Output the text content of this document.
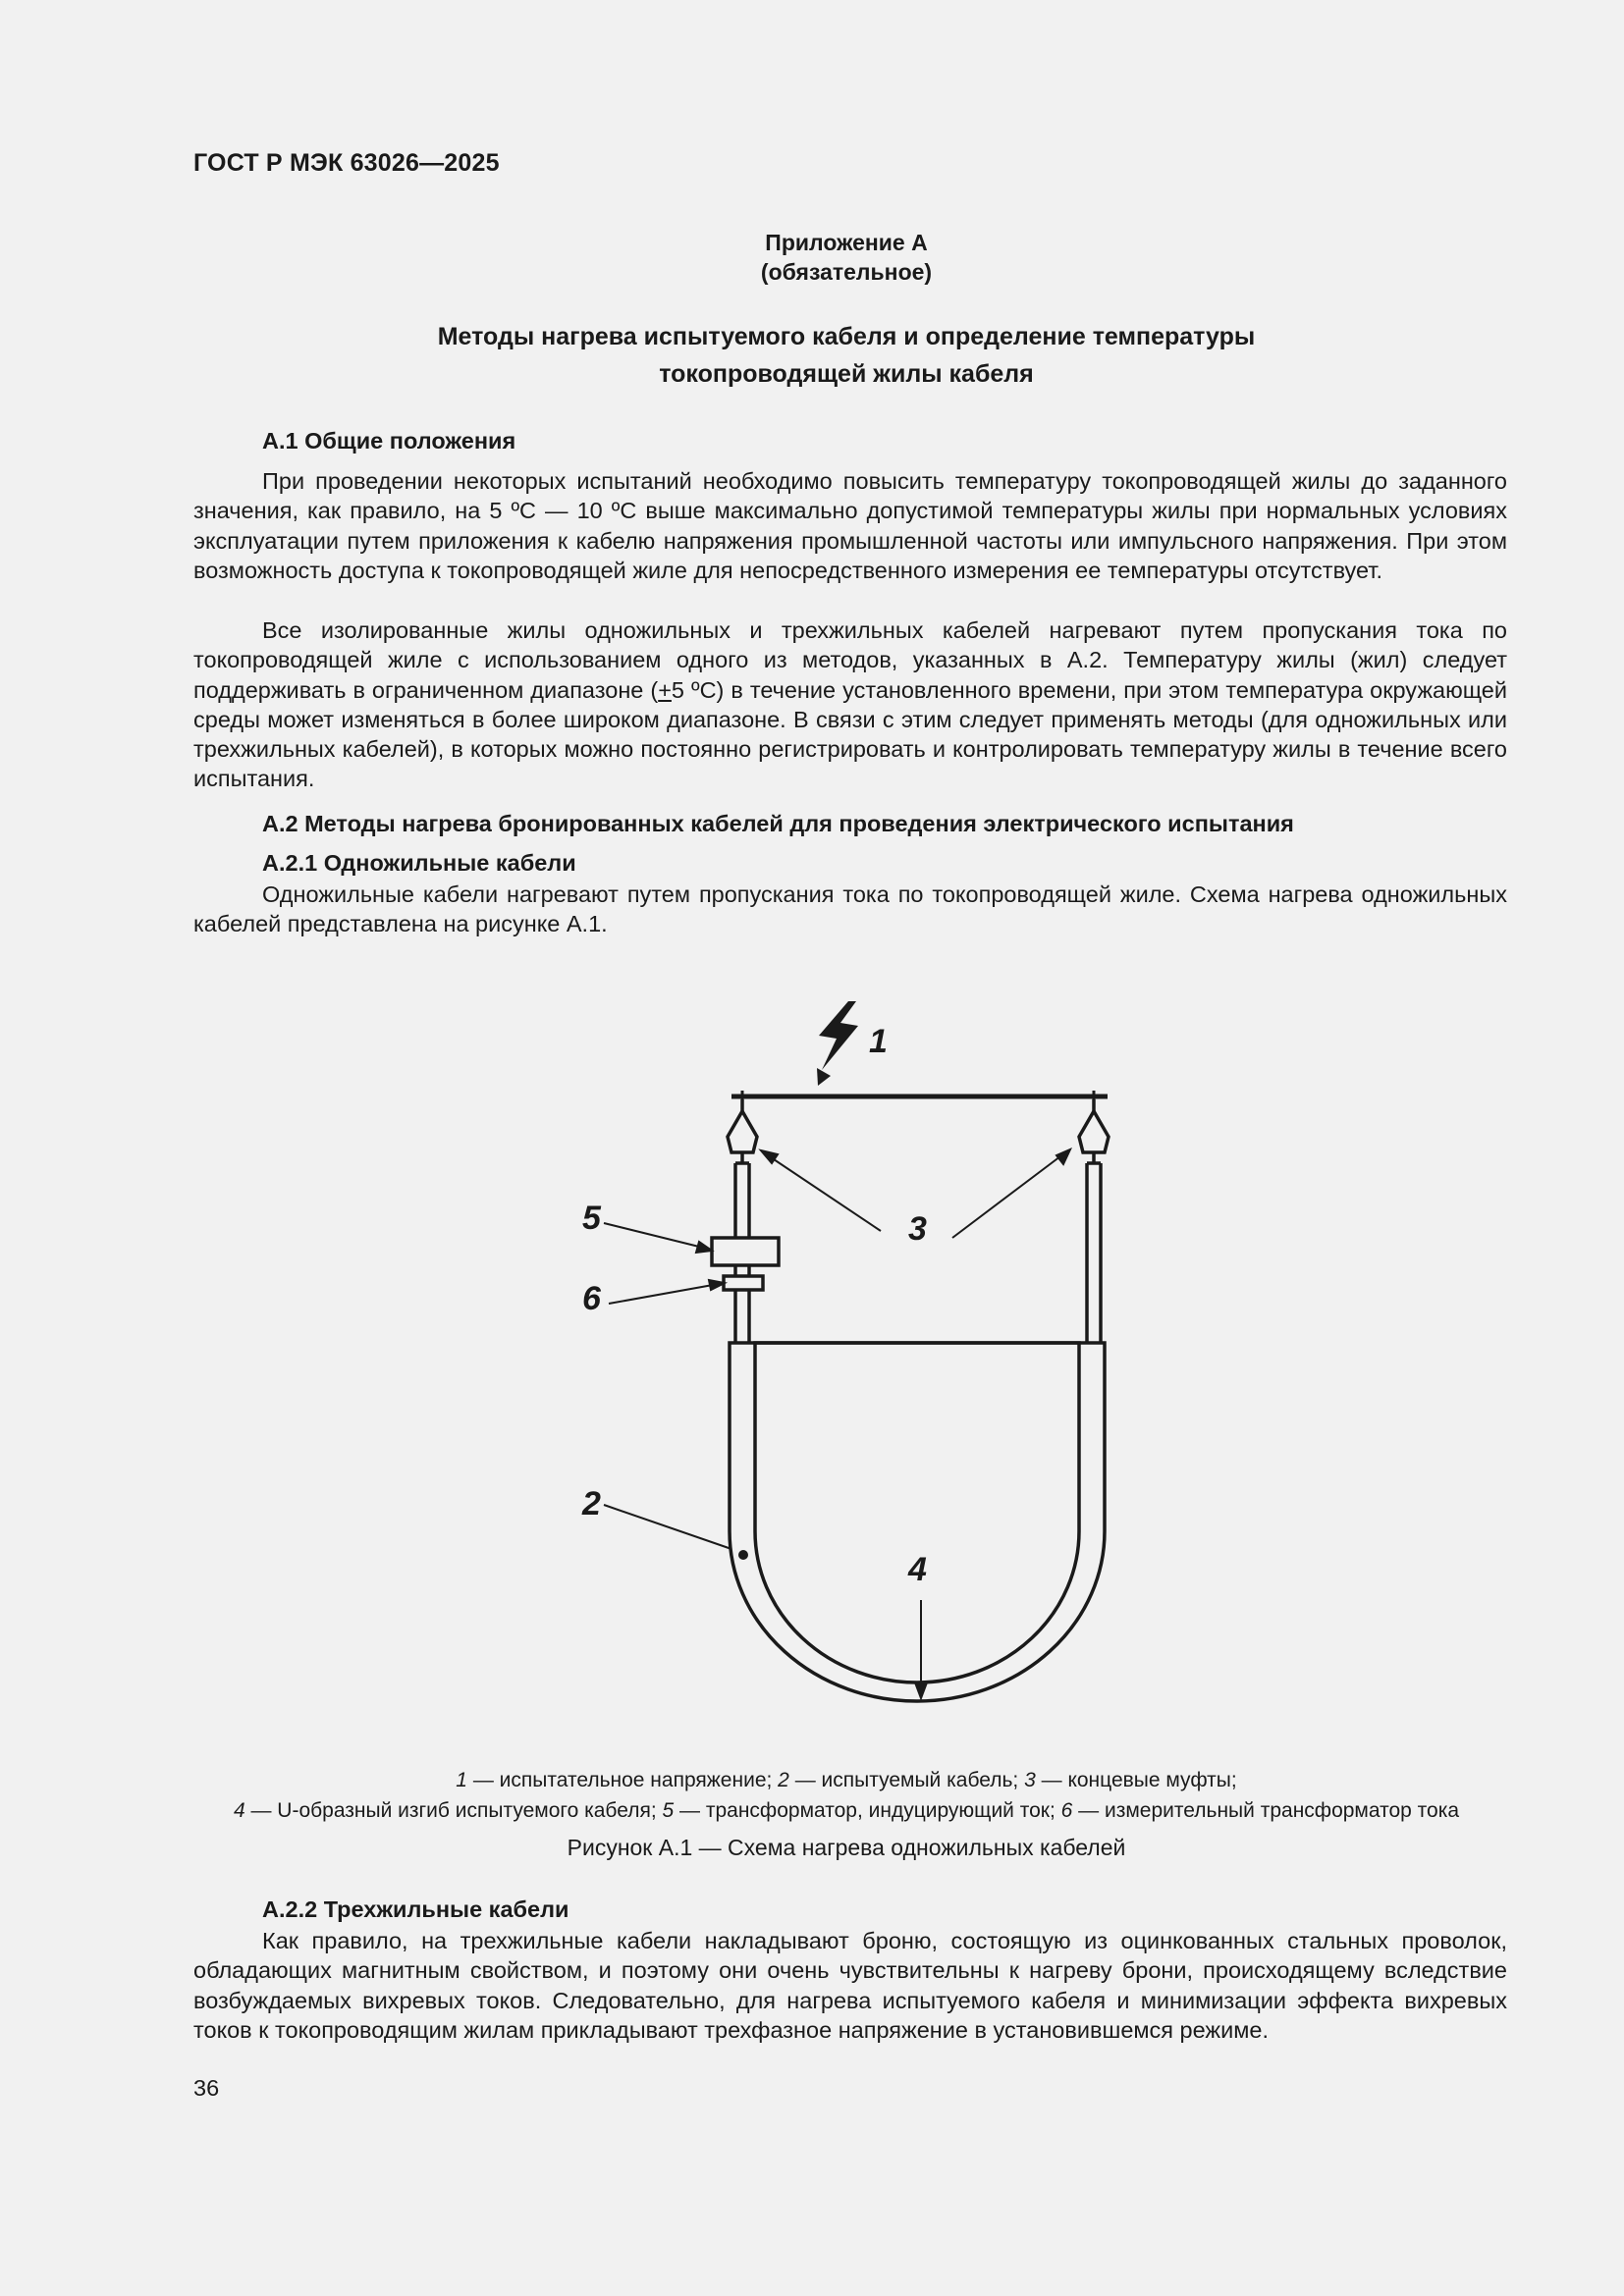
ГОСТ Р МЭК 63026—2025
Приложение А
(обязательное)
Методы нагрева испытуемого кабеля и определение температуры
токопроводящей жилы кабеля
А.1 Общие положения

При проведении некоторых испытаний необходимо повысить температуру токопроводящей жилы до заданного значения, как правило, на 5 ºС — 10 ºС выше максимально допустимой температуры жилы при нормальных условиях эксплуатации путем приложения к кабелю напряжения промышленной частоты или импульсного напряжения. При этом возможность доступа к токопроводящей жиле для непосредственного измерения ее температуры отсутствует.

Все изолированные жилы одножильных и трехжильных кабелей нагревают путем пропускания тока по токопроводящей жиле с использованием одного из методов, указанных в А.2. Температуру жилы (жил) следует поддерживать в ограниченном диапазоне (+5 ºС) в течение установленного времени, при этом температура окружающей среды может изменяться в более широком диапазоне. В связи с этим следует применять методы (для одножильных или трехжильных кабелей), в которых можно постоянно регистрировать и контролировать температуру жилы в течение всего испытания.

А.2 Методы нагрева бронированных кабелей для проведения электрического испытания
А.2.1 Одножильные кабели

Одножильные кабели нагревают путем пропускания тока по токопроводящей жиле. Схема нагрева одножильных кабелей представлена на рисунке А.1.

1
2
3
4
5
6
1 — испытательное напряжение; 2 — испытуемый кабель; 3 — концевые муфты;
4 — U-образный изгиб испытуемого кабеля; 5 — трансформатор, индуцирующий ток; 6 — измерительный трансформатор тока
Рисунок А.1 — Схема нагрева одножильных кабелей
А.2.2 Трехжильные кабели

Как правило, на трехжильные кабели накладывают броню, состоящую из оцинкованных стальных проволок, обладающих магнитным свойством, и поэтому они очень чувствительны к нагреву брони, происходящему вследствие возбуждаемых вихревых токов. Следовательно, для нагрева испытуемого кабеля и минимизации эффекта вихревых токов к токопроводящим жилам прикладывают трехфазное напряжение в установившемся режиме.

36
